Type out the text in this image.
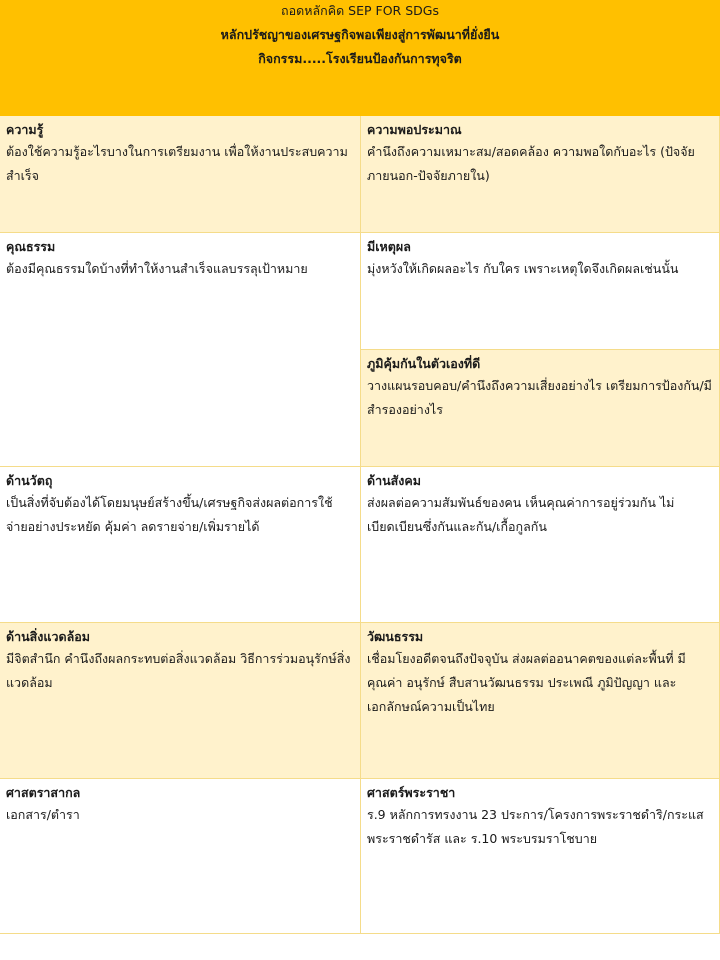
ถอดหลักคิด SEP FOR SDGs
หลักปรัชญาของเศรษฐกิจพอเพียงสู่การพัฒนาที่ยั่งยืน
กิจกรรม.....โรงเรียนป้องกันการทุจริต
ความรู้
ต้องใช้ความรู้อะไรบางในการเตรียมงาน เพื่อให้งานประสบความสำเร็จ
ความพอประมาณ
คำนึงถึงความเหมาะสม/สอดคล้อง ความพอใดกับอะไร (ปัจจัยภายนอก-ปัจจัยภายใน)
คุณธรรม
ต้องมีคุณธรรมใดบ้างที่ทำให้งานสำเร็จแลบรรลุเป้าหมาย
มีเหตุผล
มุ่งหวังให้เกิดผลอะไร กับใคร เพราะเหตุใดจึงเกิดผลเช่นนั้น
ภูมิคุ้มกันในตัวเองที่ดี
วางแผนรอบคอบ/คำนึงถึงความเสี่ยงอย่างไร เตรียมการป้องกัน/มีสำรองอย่างไร
ด้านวัตถุ
เป็นสิ่งที่จับต้องได้โดยมนุษย์สร้างขึ้น/เศรษฐกิจส่งผลต่อการใช้จ่ายอย่างประหยัด คุ้มค่า ลดรายจ่าย/เพิ่มรายได้
ด้านสังคม
ส่งผลต่อความสัมพันธ์ของคน เห็นคุณค่าการอยู่ร่วมกัน ไม่เบียดเบียนซึ่งกันและกัน/เกื้อกูลกัน
ด้านสิ่งแวดล้อม
มีจิตสำนึก คำนึงถึงผลกระทบต่อสิ่งแวดล้อม วิธีการร่วมอนุรักษ์สิ่งแวดล้อม
วัฒนธรรม
เชื่อมโยงอดีตจนถึงปัจจุบัน ส่งผลต่ออนาคตของแต่ละพื้นที่ มีคุณค่า อนุรักษ์ สืบสานวัฒนธรรม ประเพณี ภูมิปัญญา และเอกลักษณ์ความเป็นไทย
ศาสตราสากล
เอกสาร/ตำรา
ศาสตร์พระราชา
ร.9 หลักการทรงงาน 23 ประการ/โครงการพระราชดำริ/กระแสพระราชดำรัส และ ร.10 พระบรมราโชบาย
